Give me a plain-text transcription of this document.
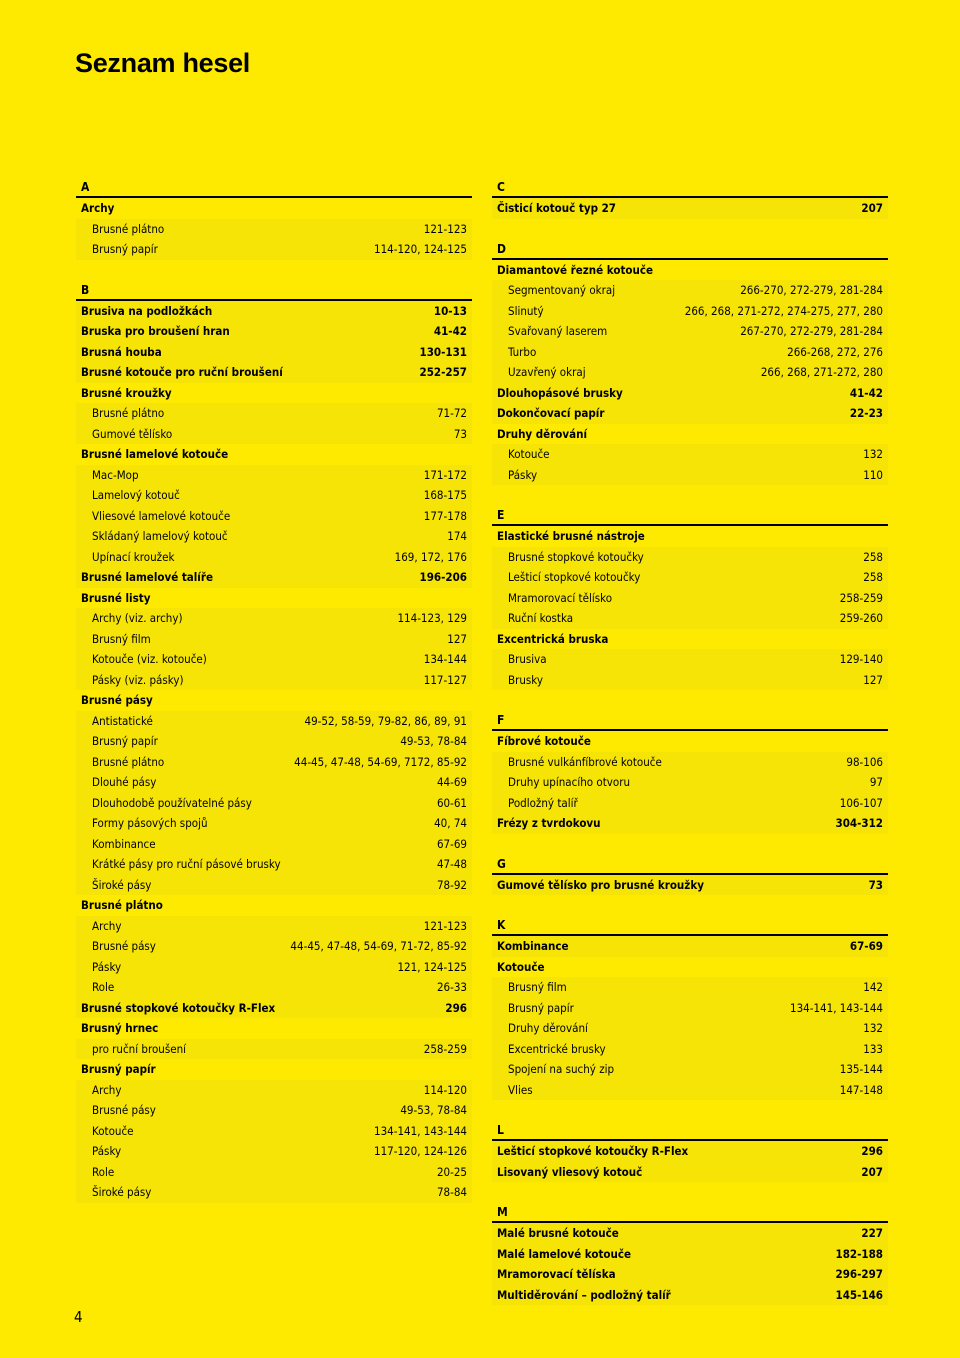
Seznam hesel
A
Archy
Brusné plátno	121-123
Brusný papír	114-120, 124-125
B
Brusiva na podložkách	10-13
Bruska pro broušení hran	41-42
Brusná houba	130-131
Brusné kotouče pro ruční broušení	252-257
Brusné kroužky
Brusné plátno	71-72
Gumové tělísko	73
Brusné lamelové kotouče
Mac-Mop	171-172
Lamelový kotouč	168-175
Vliesové lamelové kotouče	177-178
Skládaný lamelový kotouč	174
Upínací kroužek	169, 172, 176
Brusné lamelové talíře	196-206
Brusné listy
Archy (viz. archy)	114-123, 129
Brusný film	127
Kotouče (viz. kotouče)	134-144
Pásky (viz. pásky)	117-127
Brusné pásy
Antistatické	49-52, 58-59, 79-82, 86, 89, 91
Brusný papír	49-53, 78-84
Brusné plátno	44-45, 47-48, 54-69, 7172, 85-92
Dlouhé pásy	44-69
Dlouhodobě používatelné pásy	60-61
Formy pásových spojů	40, 74
Kombinance	67-69
Krátké pásy pro ruční pásové brusky	47-48
Široké pásy	78-92
Brusné plátno
Archy	121-123
Brusné pásy	44-45, 47-48, 54-69, 71-72, 85-92
Pásky	121, 124-125
Role	26-33
Brusné stopkové kotoučky R-Flex	296
Brusný hrnec
pro ruční broušení	258-259
Brusný papír
Archy	114-120
Brusné pásy	49-53, 78-84
Kotouče	134-141, 143-144
Pásky	117-120, 124-126
Role	20-25
Široké pásy	78-84
C
Čisticí kotouč typ 27	207
D
Diamantové řezné kotouče
Segmentovaný okraj	266-270, 272-279, 281-284
Slinutý	266, 268, 271-272, 274-275, 277, 280
Svařovaný laserem	267-270, 272-279, 281-284
Turbo	266-268, 272, 276
Uzavřený okraj	266, 268, 271-272, 280
Dlouhopásové brusky	41-42
Dokončovací papír	22-23
Druhy děrování
Kotouče	132
Pásky	110
E
Elastické brusné nástroje
Brusné stopkové kotoučky	258
Lešticí stopkové kotoučky	258
Mramorovací tělísko	258-259
Ruční kostka	259-260
Excentrická bruska
Brusiva	129-140
Brusky	127
F
Fíbrové kotouče
Brusné vulkánfíbrové kotouče	98-106
Druhy upínacího otvoru	97
Podložný talíř	106-107
Frézy z tvrdokovu	304-312
G
Gumové tělísko pro brusné kroužky	73
K
Kombinance	67-69
Kotouče
Brusný film	142
Brusný papír	134-141, 143-144
Druhy děrování	132
Excentrické brusky	133
Spojení na suchý zip	135-144
Vlies	147-148
L
Lešticí stopkové kotoučky R-Flex	296
Lisovaný vliesový kotouč	207
M
Malé brusné kotouče	227
Malé lamelové kotouče	182-188
Mramorovací tělíska	296-297
Multiděrování – podložný talíř	145-146
4
